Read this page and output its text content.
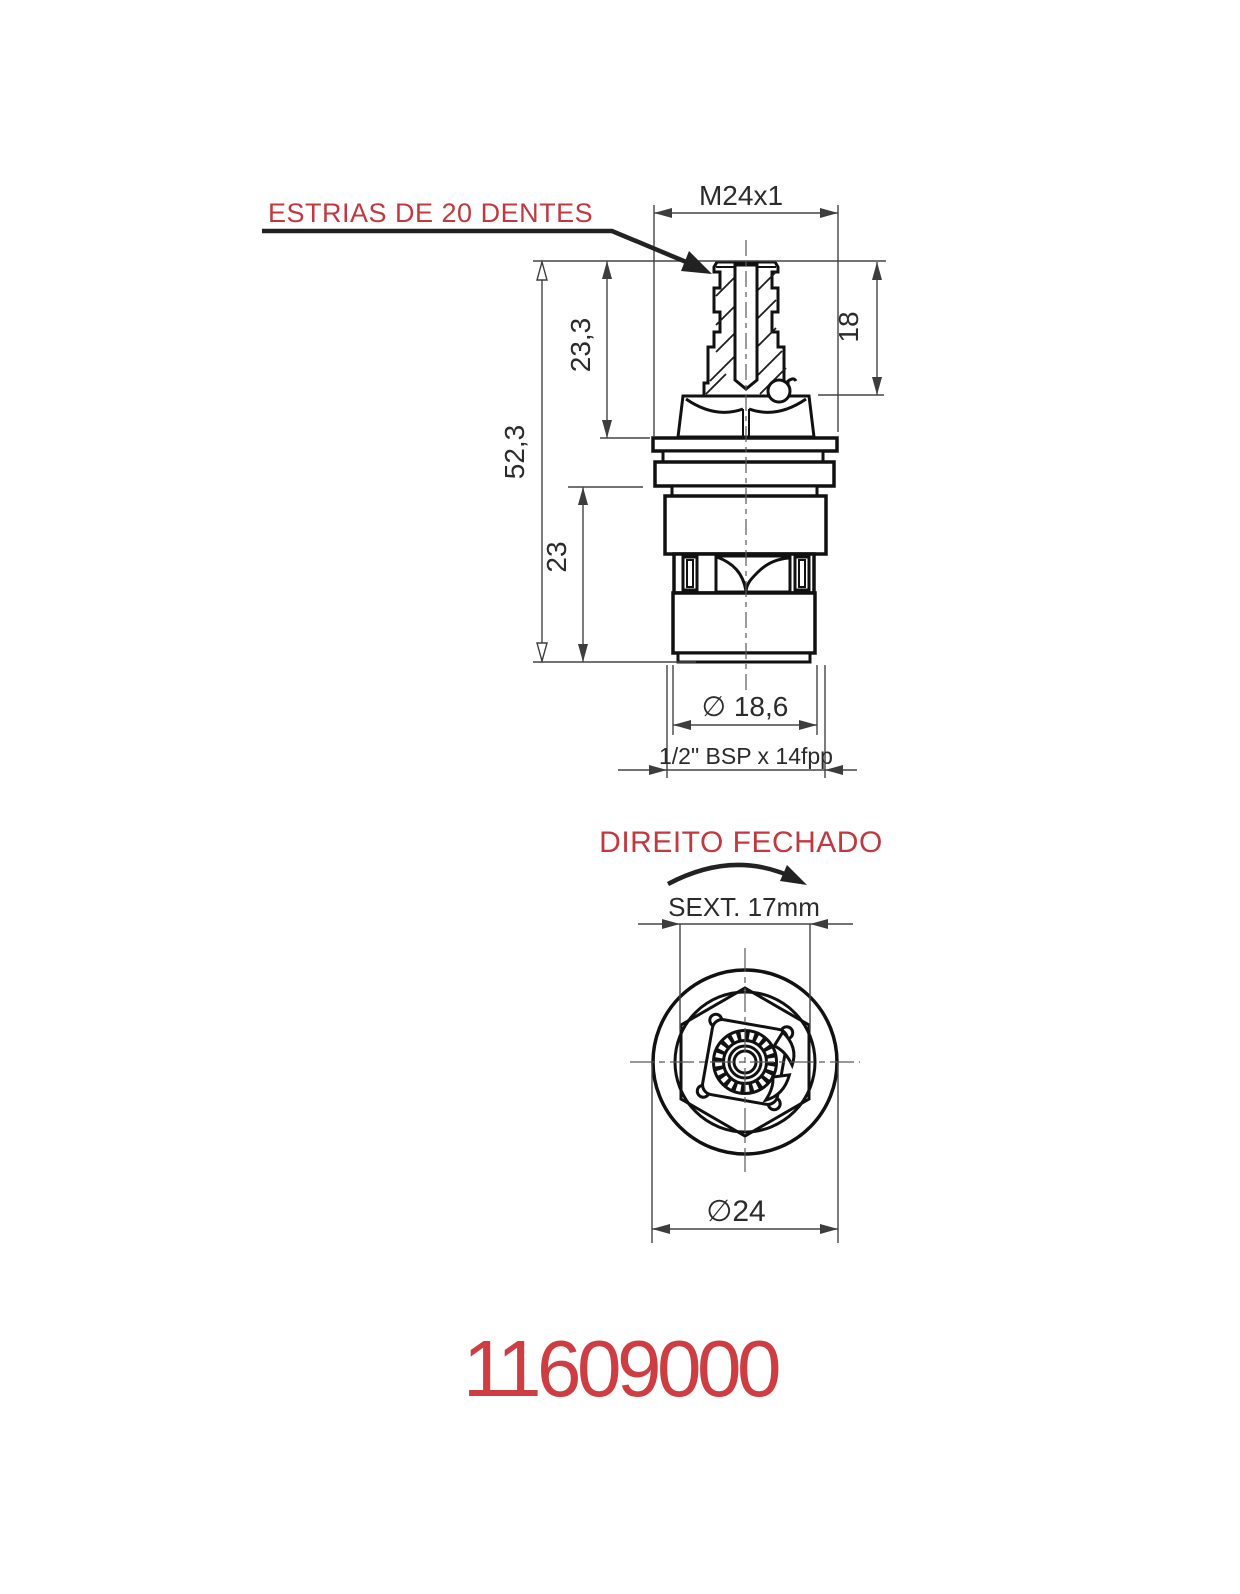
M24x1
52,3
23,3
23
18
∅ 18,6
1/2" BSP x 14fpp
ESTRIAS DE 20 DENTES
DIREITO FECHADO
SEXT. 17mm
∅24
11609000
